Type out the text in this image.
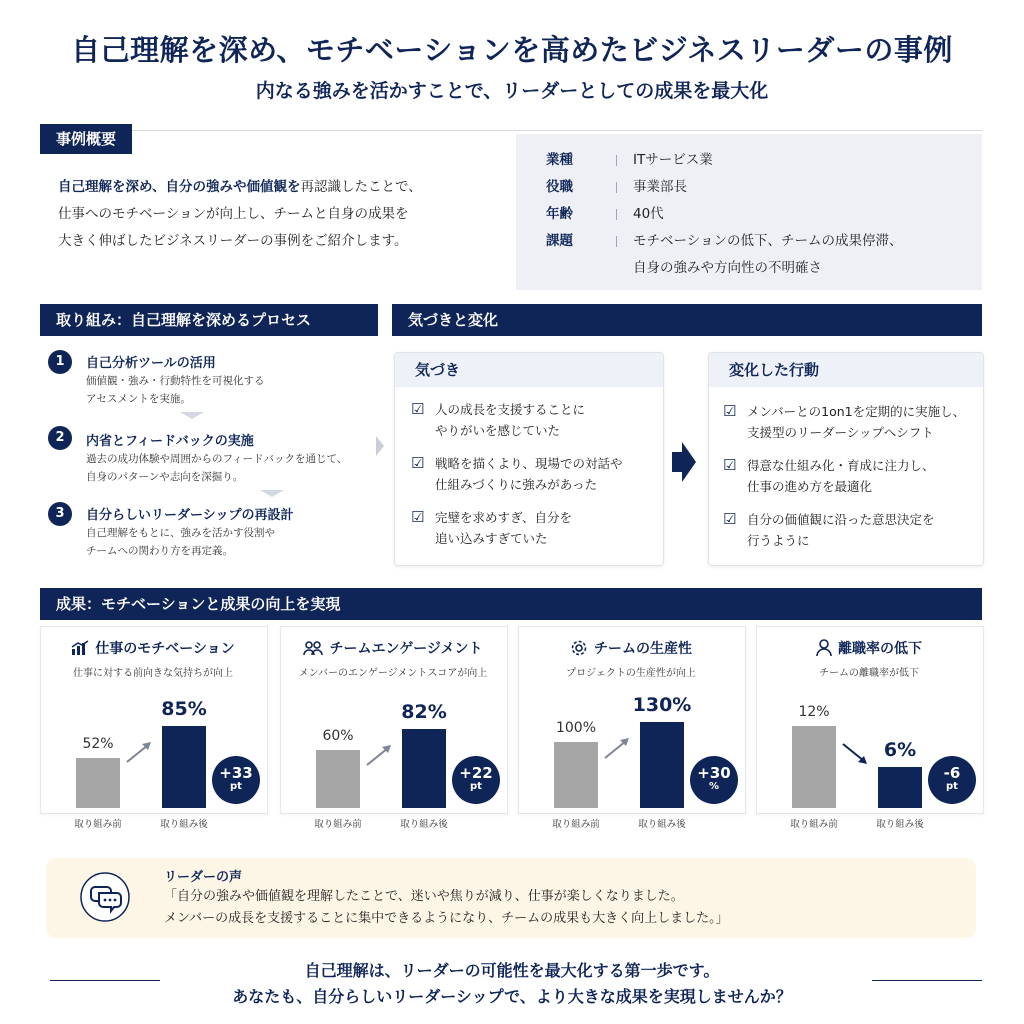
自己理解を深め、モチベーションを高めたビジネスリーダーの事例
内なる強みを活かすことで、リーダーとしての成果を最大化
事例概要
自己理解を深め、自分の強みや価値観を再認識したことで、
仕事へのモチベーションが向上し、チームと自身の成果を
大きく伸ばしたビジネスリーダーの事例をご紹介します。
業種	ITサービス業
役職	事業部長
年齢	40代
課題	モチベーションの低下、チームの成果停滞、
自身の強みや方向性の不明確さ
取り組み：自己理解を深めるプロセス
1	自己分析ツールの活用
価値観・強み・行動特性を可視化する
アセスメントを実施。
2	内省とフィードバックの実施
過去の成功体験や周囲からのフィードバックを通じて、
自身のパターンや志向を深掘り。
3	自分らしいリーダーシップの再設計
自己理解をもとに、強みを活かす役割や
チームへの関わり方を再定義。
気づきと変化
気づき
☑ 人の成長を支援することに
やりがいを感じていた
☑ 戦略を描くより、現場での対話や
仕組みづくりに強みがあった
☑ 完璧を求めすぎ、自分を
追い込みすぎていた
変化した行動
☑ メンバーとの1on1を定期的に実施し、
支援型のリーダーシップへシフト
☑ 得意な仕組み化・育成に注力し、
仕事の進め方を最適化
☑ 自分の価値観に沿った意思決定を
行うように
成果：モチベーションと成果の向上を実現
仕事のモチベーション
仕事に対する前向きな気持ちが向上
52%
85%
+33
pt
取り組み前	取り組み後
チームエンゲージメント
メンバーのエンゲージメントスコアが向上
60%
82%
+22
pt
取り組み前	取り組み後
チームの生産性
プロジェクトの生産性が向上
100%
130%
+30
%
取り組み前	取り組み後
離職率の低下
チームの離職率が低下
12%
6%
-6
pt
取り組み前	取り組み後
リーダーの声
「自分の強みや価値観を理解したことで、迷いや焦りが減り、仕事が楽しくなりました。
メンバーの成長を支援することに集中できるようになり、チームの成果も大きく向上しました。」
自己理解は、リーダーの可能性を最大化する第一歩です。
あなたも、自分らしいリーダーシップで、より大きな成果を実現しませんか？
